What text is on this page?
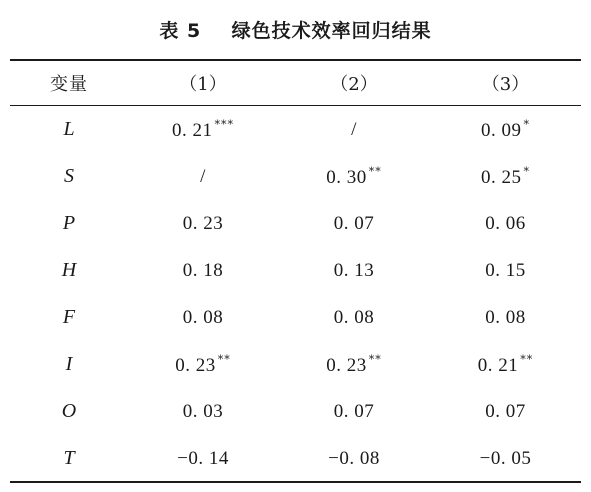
表 5    绿色技术效率回归结果
变量	（1）	（2）	（3）
L	0. 21 ***	/	0. 09 *
S	/	0. 30 **	0. 25 *
P	0. 23	0. 07	0. 06
H	0. 18	0. 13	0. 15
F	0. 08	0. 08	0. 08
I	0. 23 **	0. 23 **	0. 21 **
O	0. 03	0. 07	0. 07
T	−0. 14	−0. 08	−0. 05
